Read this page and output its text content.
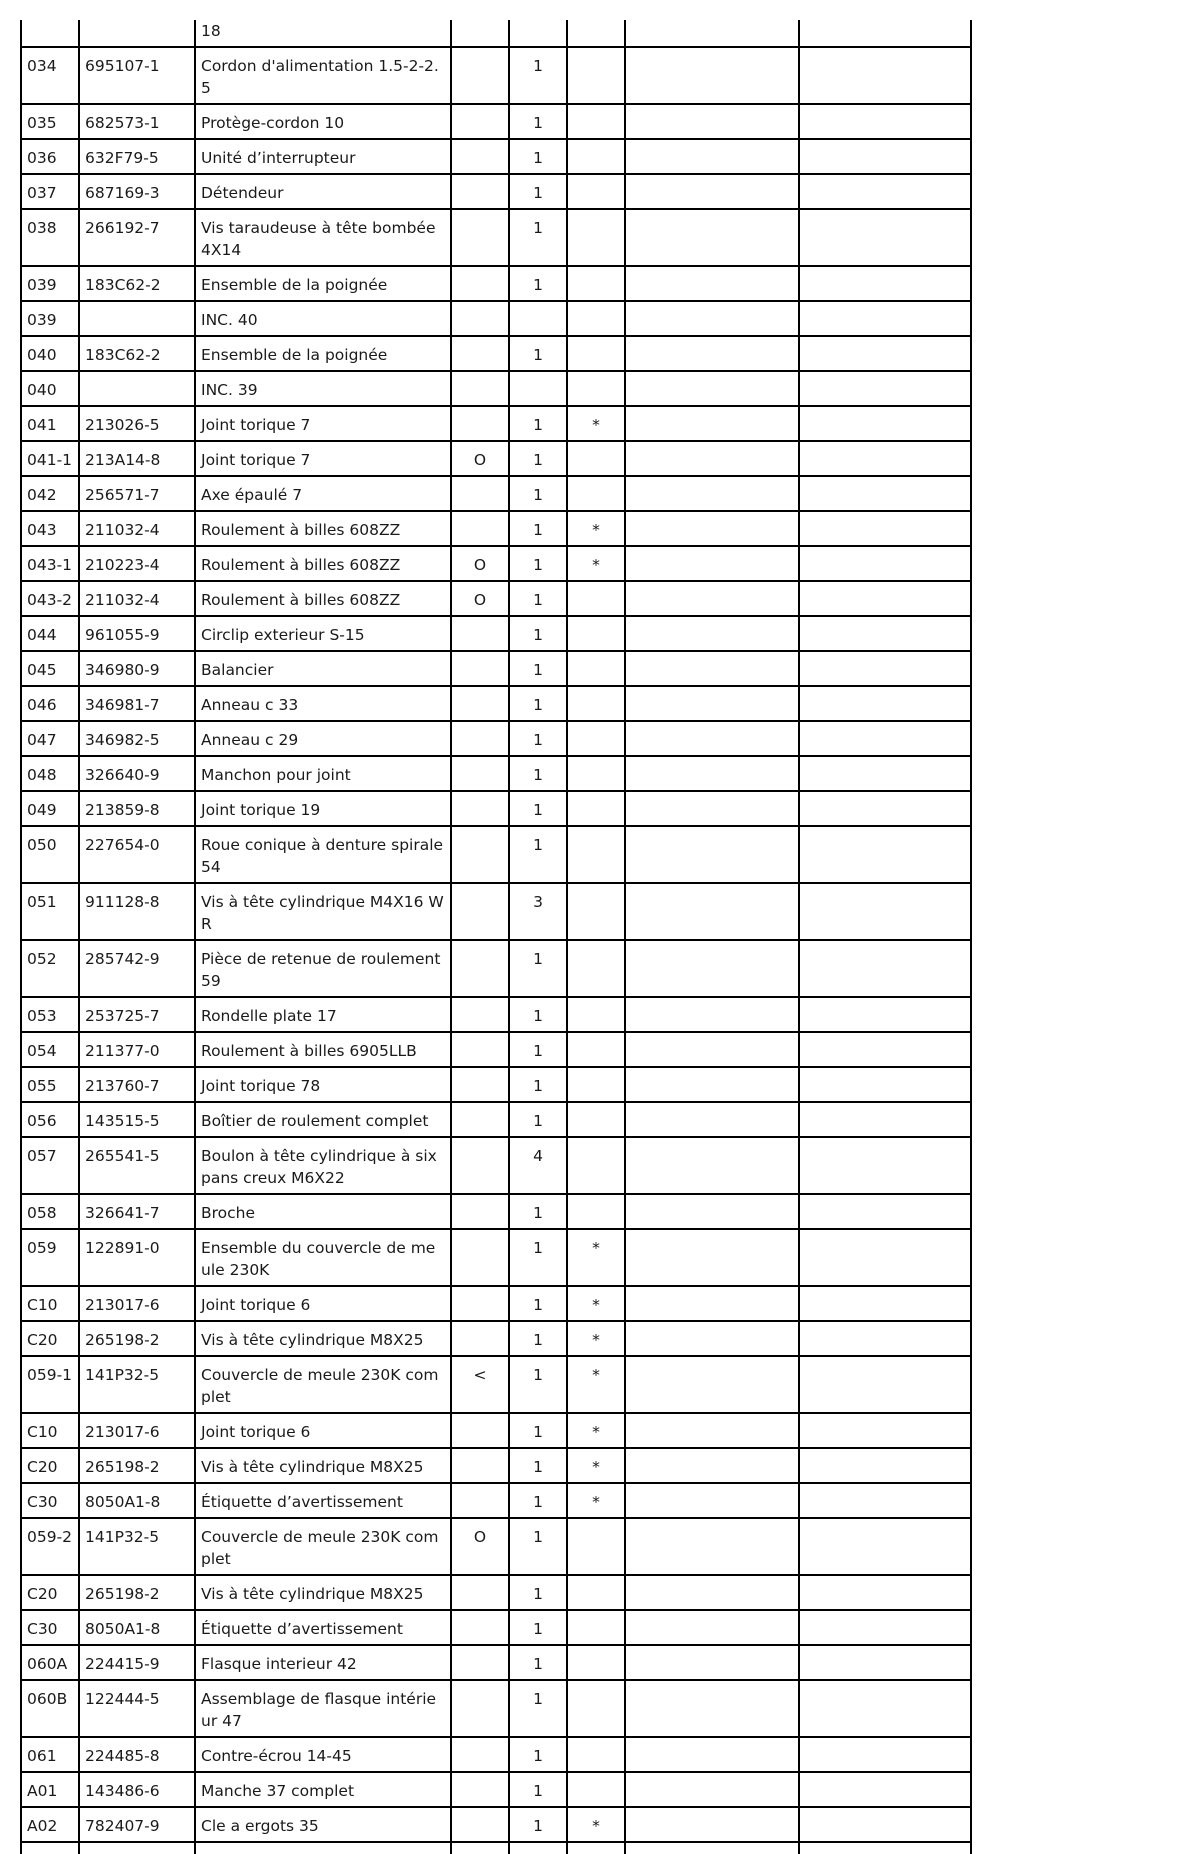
		18					
034	695107-1	Cordon d'alimentation 1.5-2-2.5		1			
035	682573-1	Protège-cordon 10		1			
036	632F79-5	Unité d’interrupteur		1			
037	687169-3	Détendeur		1			
038	266192-7	Vis taraudeuse à tête bombée 4X14		1			
039	183C62-2	Ensemble de la poignée		1			
039		INC. 40					
040	183C62-2	Ensemble de la poignée		1			
040		INC. 39					
041	213026-5	Joint torique 7		1	*		
041-1	213A14-8	Joint torique 7	O	1			
042	256571-7	Axe épaulé 7		1			
043	211032-4	Roulement à billes 608ZZ		1	*		
043-1	210223-4	Roulement à billes 608ZZ	O	1	*		
043-2	211032-4	Roulement à billes 608ZZ	O	1			
044	961055-9	Circlip exterieur S-15		1			
045	346980-9	Balancier		1			
046	346981-7	Anneau c 33		1			
047	346982-5	Anneau c 29		1			
048	326640-9	Manchon pour joint		1			
049	213859-8	Joint torique 19		1			
050	227654-0	Roue conique à denture spirale 54		1			
051	911128-8	Vis à tête cylindrique M4X16 WR		3			
052	285742-9	Pièce de retenue de roulement 59		1			
053	253725-7	Rondelle plate 17		1			
054	211377-0	Roulement à billes 6905LLB		1			
055	213760-7	Joint torique 78		1			
056	143515-5	Boîtier de roulement complet		1			
057	265541-5	Boulon à tête cylindrique à six pans creux M6X22		4			
058	326641-7	Broche		1			
059	122891-0	Ensemble du couvercle de meule 230K		1	*		
C10	213017-6	Joint torique 6		1	*		
C20	265198-2	Vis à tête cylindrique M8X25		1	*		
059-1	141P32-5	Couvercle de meule 230K complet	<	1	*		
C10	213017-6	Joint torique 6		1	*		
C20	265198-2	Vis à tête cylindrique M8X25		1	*		
C30	8050A1-8	Étiquette d’avertissement		1	*		
059-2	141P32-5	Couvercle de meule 230K complet	O	1			
C20	265198-2	Vis à tête cylindrique M8X25		1			
C30	8050A1-8	Étiquette d’avertissement		1			
060A	224415-9	Flasque interieur 42		1			
060B	122444-5	Assemblage de flasque intérieur 47		1			
061	224485-8	Contre-écrou 14-45		1			
A01	143486-6	Manche 37 complet		1			
A02	782407-9	Cle a ergots 35		1	*		
